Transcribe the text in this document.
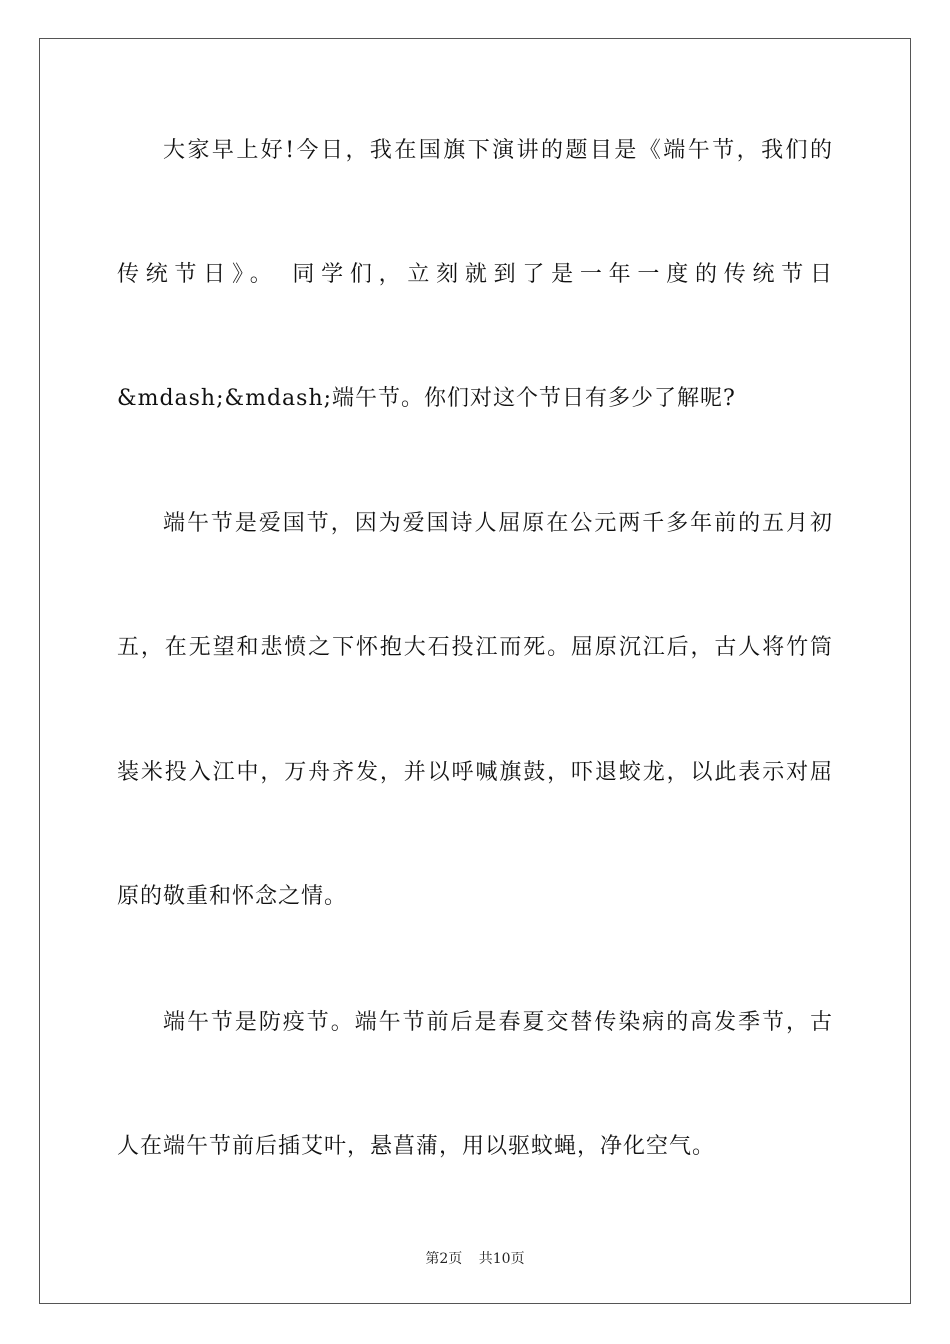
大家早上好!今日，我在国旗下演讲的题目是《端午节，我们的
传统节日》。 同学们，立刻就到了是一年一度的传统节日
&mdash;&mdash;端午节。你们对这个节日有多少了解呢?
端午节是爱国节，因为爱国诗人屈原在公元两千多年前的五月初
五，在无望和悲愤之下怀抱大石投江而死。屈原沉江后，古人将竹筒
装米投入江中，万舟齐发，并以呼喊旗鼓，吓退蛟龙，以此表示对屈
原的敬重和怀念之情。
端午节是防疫节。端午节前后是春夏交替传染病的高发季节，古
人在端午节前后插艾叶，悬菖蒲，用以驱蚊蝇，净化空气。
第2页 共10页
